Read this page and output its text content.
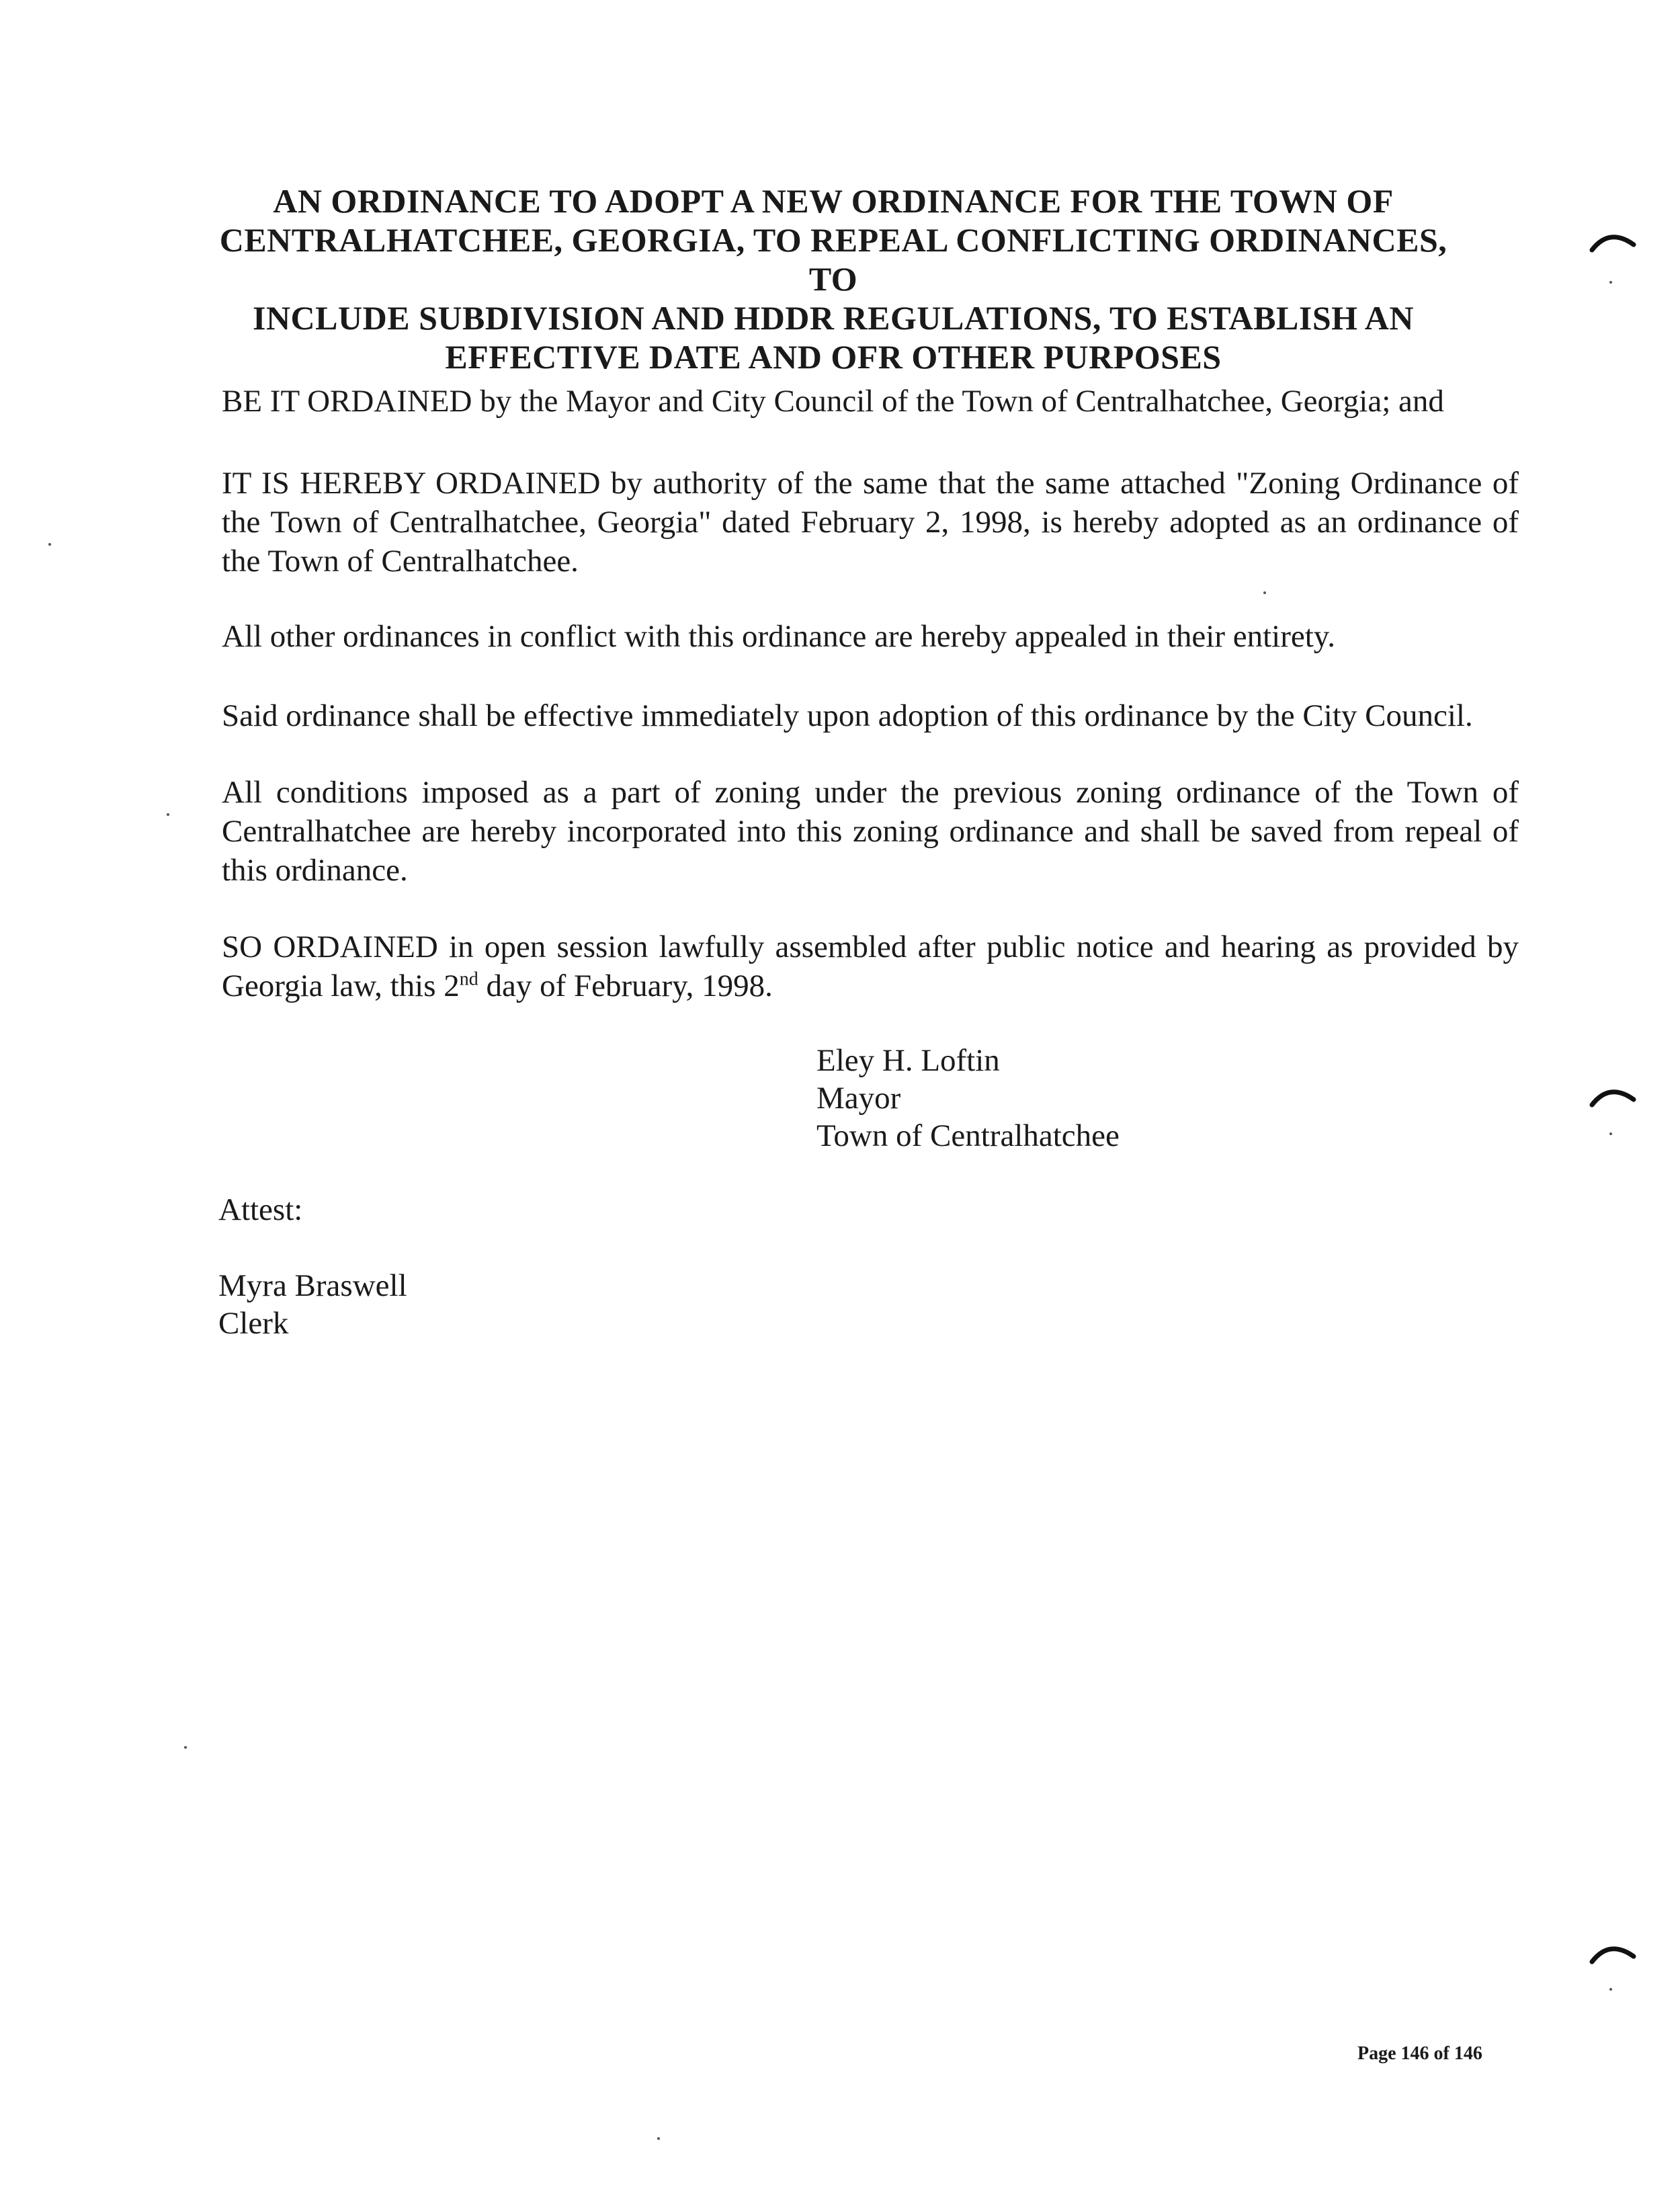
AN ORDINANCE TO ADOPT A NEW ORDINANCE FOR THE TOWN OF
CENTRALHATCHEE, GEORGIA, TO REPEAL CONFLICTING ORDINANCES, TO
INCLUDE SUBDIVISION AND HDDR REGULATIONS, TO ESTABLISH AN
EFFECTIVE DATE AND OFR OTHER PURPOSES
BE IT ORDAINED by the Mayor and City Council of the Town of Centralhatchee, Georgia; and
IT IS HEREBY ORDAINED by authority of the same that the same attached "Zoning Ordinance of the Town of Centralhatchee, Georgia" dated February 2, 1998, is hereby adopted as an ordinance of the Town of Centralhatchee.
All other ordinances in conflict with this ordinance are hereby appealed in their entirety.
Said ordinance shall be effective immediately upon adoption of this ordinance by the City Council.
All conditions imposed as a part of zoning under the previous zoning ordinance of the Town of Centralhatchee are hereby incorporated into this zoning ordinance and shall be saved from repeal of this ordinance.
SO ORDAINED in open session lawfully assembled after public notice and hearing as provided by Georgia law, this 2nd day of February, 1998.
Eley H. Loftin
Mayor
Town of Centralhatchee
Attest:
Myra Braswell
Clerk
Page 146 of 146
